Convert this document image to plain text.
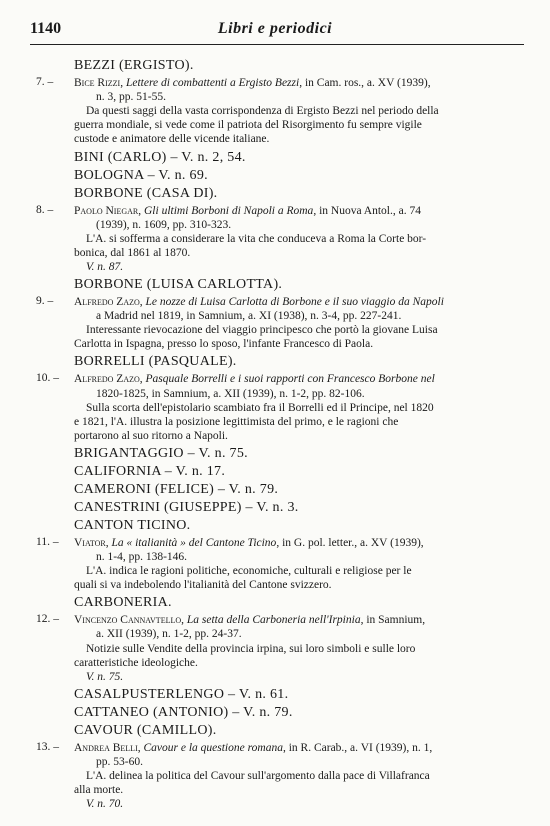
1140	Libri e periodici
BEZZI (ERGISTO).
7. – Bice Rizzi, Lettere di combattenti a Ergisto Bezzi, in Cam. ros., a. XV (1939),
n. 3, pp. 51-55.
Da questi saggi della vasta corrispondenza di Ergisto Bezzi nel periodo della
guerra mondiale, si vede come il patriota del Risorgimento fu sempre vigile
custode e animatore delle vicende italiane.
BINI (CARLO) – V. n. 2, 54.
BOLOGNA – V. n. 69.
BORBONE (CASA DI).
8. – Paolo Niegar, Gli ultimi Borboni di Napoli a Roma, in Nuova Antol., a. 74
(1939), n. 1609, pp. 310-323.
L'A. si sofferma a considerare la vita che conduceva a Roma la Corte bor-
bonica, dal 1861 al 1870.
V. n. 87.
BORBONE (LUISA CARLOTTA).
9. – Alfredo Zazo, Le nozze di Luisa Carlotta di Borbone e il suo viaggio da Napoli
a Madrid nel 1819, in Samnium, a. XI (1938), n. 3-4, pp. 227-241.
Interessante rievocazione del viaggio principesco che portò la giovane Luisa
Carlotta in Ispagna, presso lo sposo, l'infante Francesco di Paola.
BORRELLI (PASQUALE).
10. – Alfredo Zazo, Pasquale Borrelli e i suoi rapporti con Francesco Borbone nel
1820-1825, in Samnium, a. XII (1939), n. 1-2, pp. 82-106.
Sulla scorta dell'epistolario scambiato fra il Borrelli ed il Principe, nel 1820
e 1821, l'A. illustra la posizione legittimista del primo, e le ragioni che
portarono al suo ritorno a Napoli.
BRIGANTAGGIO – V. n. 75.
CALIFORNIA – V. n. 17.
CAMERONI (FELICE) – V. n. 79.
CANESTRINI (GIUSEPPE) – V. n. 3.
CANTON TICINO.
11. – Viator, La « italianità » del Cantone Ticino, in G. pol. letter., a. XV (1939),
n. 1-4, pp. 138-146.
L'A. indica le ragioni politiche, economiche, culturali e religiose per le
quali si va indebolendo l'italianità del Cantone svizzero.
CARBONERIA.
12. – Vincenzo Cannavtello, La setta della Carboneria nell'Irpinia, in Samnium,
a. XII (1939), n. 1-2, pp. 24-37.
Notizie sulle Vendite della provincia irpina, sui loro simboli e sulle loro
caratteristiche ideologiche.
V. n. 75.
CASALPUSTERLENGO – V. n. 61.
CATTANEO (ANTONIO) – V. n. 79.
CAVOUR (CAMILLO).
13. – Andrea Belli, Cavour e la questione romana, in R. Carab., a. VI (1939), n. 1,
pp. 53-60.
L'A. delinea la politica del Cavour sull'argomento dalla pace di Villafranca
alla morte.
V. n. 70.
